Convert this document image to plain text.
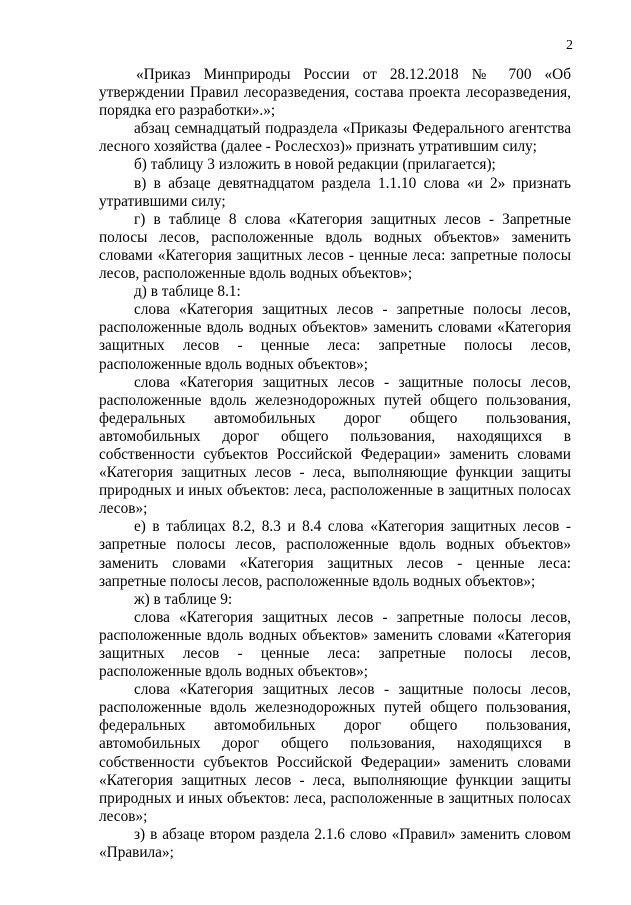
2

«Приказ Минприроды России от 28.12.2018 № 700 «Об утверждении Правил лесоразведения, состава проекта лесоразведения, порядка его разработки».»;

абзац семнадцатый подраздела «Приказы Федерального агентства лесного хозяйства (далее - Рослесхоз)» признать утратившим силу;

б) таблицу 3 изложить в новой редакции (прилагается);

в) в абзаце девятнадцатом раздела 1.1.10 слова «и 2» признать утратившими силу;

г) в таблице 8 слова «Категория защитных лесов - Запретные полосы лесов, расположенные вдоль водных объектов» заменить словами «Категория защитных лесов - ценные леса: запретные полосы лесов, расположенные вдоль водных объектов»;

д) в таблице 8.1:

слова «Категория защитных лесов - запретные полосы лесов, расположенные вдоль водных объектов» заменить словами «Категория защитных лесов - ценные леса: запретные полосы лесов, расположенные вдоль водных объектов»;

слова «Категория защитных лесов - защитные полосы лесов, расположенные вдоль железнодорожных путей общего пользования, федеральных автомобильных дорог общего пользования, автомобильных дорог общего пользования, находящихся в собственности субъектов Российской Федерации» заменить словами «Категория защитных лесов - леса, выполняющие функции защиты природных и иных объектов: леса, расположенные в защитных полосах лесов»;

е) в таблицах 8.2, 8.3 и 8.4 слова «Категория защитных лесов - запретные полосы лесов, расположенные вдоль водных объектов» заменить словами «Категория защитных лесов - ценные леса: запретные полосы лесов, расположенные вдоль водных объектов»;

ж) в таблице 9:

слова «Категория защитных лесов - запретные полосы лесов, расположенные вдоль водных объектов» заменить словами «Категория защитных лесов - ценные леса: запретные полосы лесов, расположенные вдоль водных объектов»;

слова «Категория защитных лесов - защитные полосы лесов, расположенные вдоль железнодорожных путей общего пользования, федеральных автомобильных дорог общего пользования, автомобильных дорог общего пользования, находящихся в собственности субъектов Российской Федерации» заменить словами «Категория защитных лесов - леса, выполняющие функции защиты природных и иных объектов: леса, расположенные в защитных полосах лесов»;

з) в абзаце втором раздела 2.1.6 слово «Правил» заменить словом «Правила»;
